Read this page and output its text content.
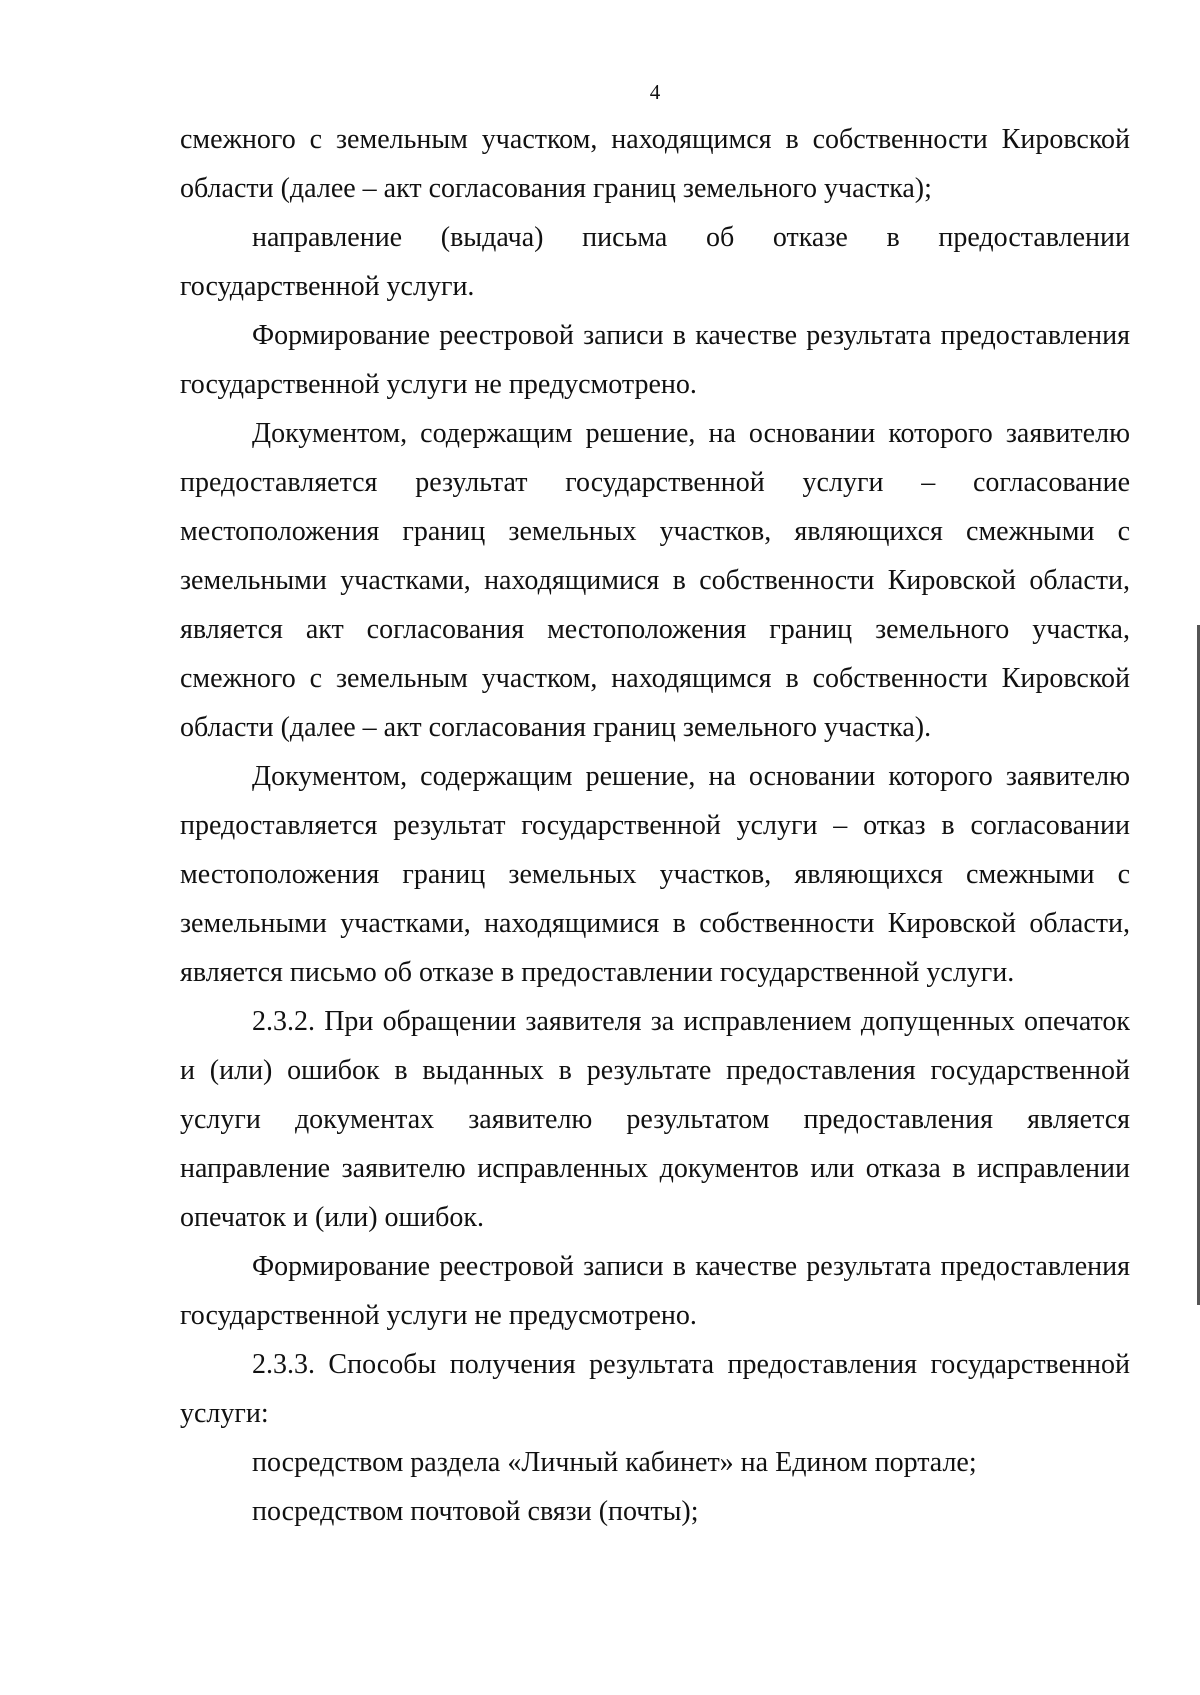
4

смежного с земельным участком, находящимся в собственности Кировской области (далее – акт согласования границ земельного участка);

направление (выдача) письма об отказе в предоставлении государственной услуги.

Формирование реестровой записи в качестве результата предоставления государственной услуги не предусмотрено.

Документом, содержащим решение, на основании которого заявителю предоставляется результат государственной услуги – согласование местоположения границ земельных участков, являющихся смежными с земельными участками, находящимися в собственности Кировской области, является акт согласования местоположения границ земельного участка, смежного с земельным участком, находящимся в собственности Кировской области (далее – акт согласования границ земельного участка).

Документом, содержащим решение, на основании которого заявителю предоставляется результат государственной услуги – отказ в согласовании местоположения границ земельных участков, являющихся смежными с земельными участками, находящимися в собственности Кировской области, является письмо об отказе в предоставлении государственной услуги.

2.3.2. При обращении заявителя за исправлением допущенных опечаток и (или) ошибок в выданных в результате предоставления государственной услуги документах заявителю результатом предоставления является направление заявителю исправленных документов или отказа в исправлении опечаток и (или) ошибок.

Формирование реестровой записи в качестве результата предоставления государственной услуги не предусмотрено.

2.3.3. Способы получения результата предоставления государственной услуги:

посредством раздела «Личный кабинет» на Едином портале;

посредством почтовой связи (почты);
